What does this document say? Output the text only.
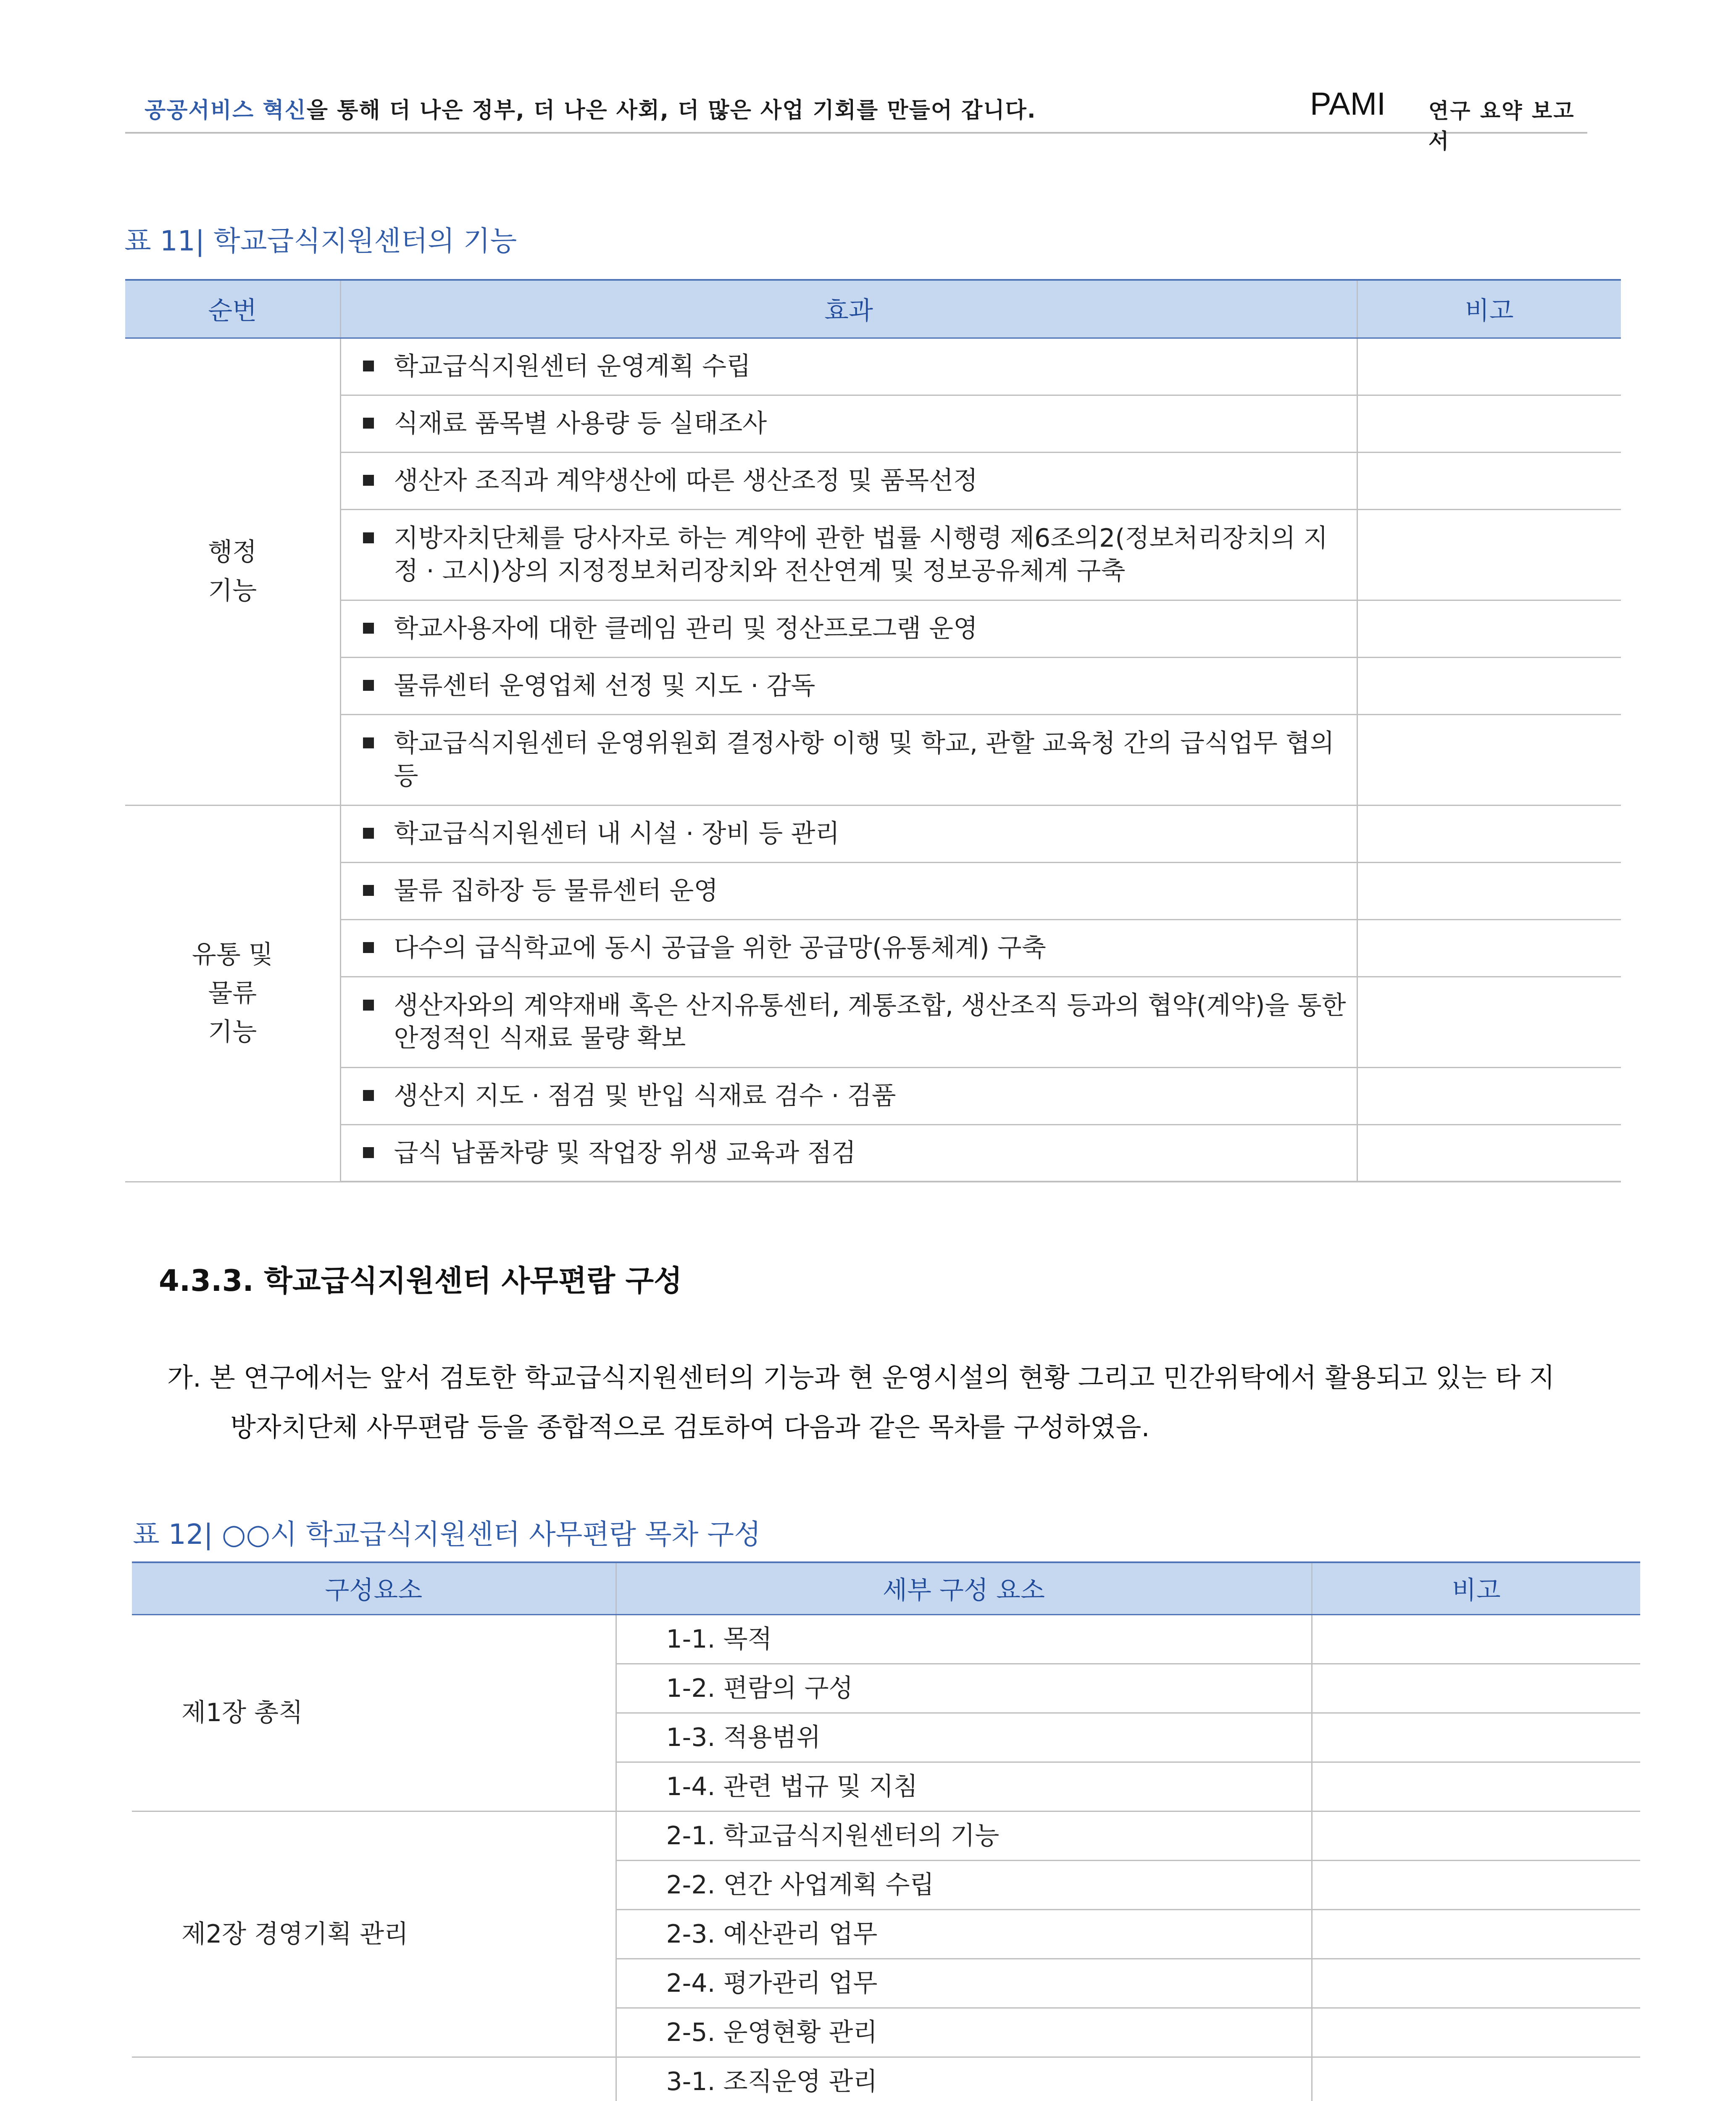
공공서비스 혁신을 통해 더 나은 정부, 더 나은 사회, 더 많은 사업 기회를 만들어 갑니다.	PAMI 연구 요약 보고서
표 11| 학교급식지원센터의 기능
순번	효과	비고
행정
기능	학교급식지원센터 운영계획 수립	

	식재료 품목별 사용량 등 실태조사	

	생산자 조직과 계약생산에 따른 생산조정 및 품목선정	

	지방자치단체를 당사자로 하는 계약에 관한 법률 시행령 제6조의2(정보처리장치의 지정 · 고시)상의 지정정보처리장치와 전산연계 및 정보공유체계 구축	

	학교사용자에 대한 클레임 관리 및 정산프로그램 운영	

	물류센터 운영업체 선정 및 지도 · 감독	

	학교급식지원센터 운영위원회 결정사항 이행 및 학교, 관할 교육청 간의 급식업무 협의 등	

유통 및
물류
기능	학교급식지원센터 내 시설 · 장비 등 관리	

	물류 집하장 등 물류센터 운영	

	다수의 급식학교에 동시 공급을 위한 공급망(유통체계) 구축	

	생산자와의 계약재배 혹은 산지유통센터, 계통조합, 생산조직 등과의 협약(계약)을 통한 안정적인 식재료 물량 확보	

	생산지 지도 · 점검 및 반입 식재료 검수 · 검품	

	급식 납품차량 및 작업장 위생 교육과 점검	

4.3.3. 학교급식지원센터 사무편람 구성
가. 본 연구에서는 앞서 검토한 학교급식지원센터의 기능과 현 운영시설의 현황 그리고 민간위탁에서 활용되고 있는 타 지
방자치단체 사무편람 등을 종합적으로 검토하여 다음과 같은 목차를 구성하였음.
표 12| ○○시 학교급식지원센터 사무편람 목차 구성
구성요소	세부 구성 요소	비고
제1장 총칙	1-1. 목적	
	1-2. 편람의 구성	
	1-3. 적용범위	
	1-4. 관련 법규 및 지침	
제2장 경영기획 관리	2-1. 학교급식지원센터의 기능	
	2-2. 연간 사업계획 수립	
	2-3. 예산관리 업무	
	2-4. 평가관리 업무	
	2-5. 운영현황 관리	
	3-1. 조직운영 관리	
